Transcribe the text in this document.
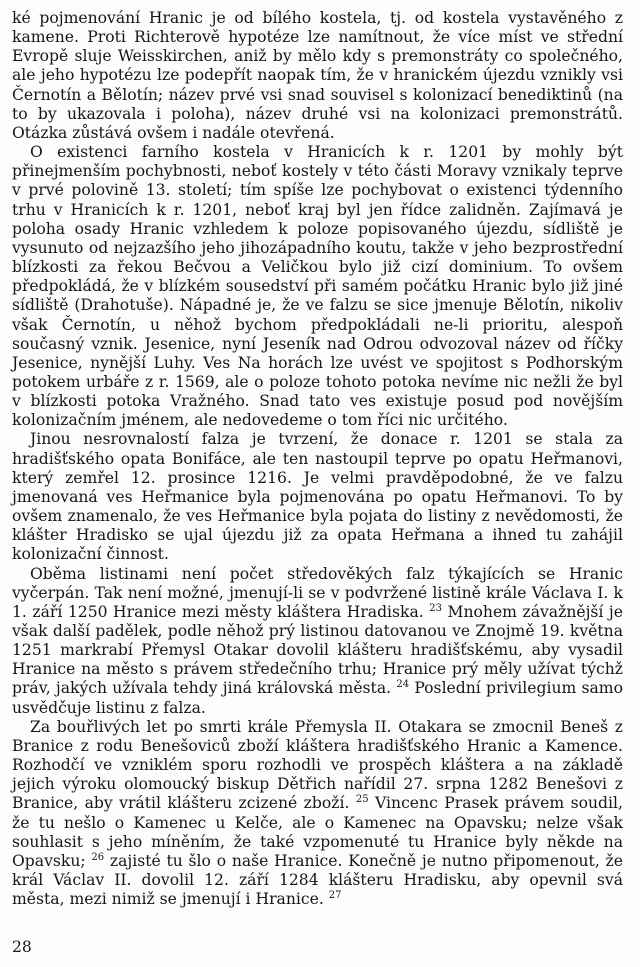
ké pojmenování Hranic je od bílého kostela, tj. od kostela vystavěného z kamene. Proti Richterově hypotéze lze namítnout, že více míst ve střední Evropě sluje Weisskirchen, aniž by mělo kdy s premonstráty co společného, ale jeho hypotézu lze podepřít naopak tím, že v hranickém újezdu vznikly vsi Černotín a Bělotín; název prvé vsi snad souvisel s kolonizací benediktinů (na to by ukazovala i poloha), název druhé vsi na kolonizaci premonstrátů. Otázka zůstává ovšem i nadále otevřená.

O existenci farního kostela v Hranicích k r. 1201 by mohly být přinejmenším pochybnosti, neboť kostely v této části Moravy vznikaly teprve v prvé polovině 13. století; tím spíše lze pochybovat o existenci týdenního trhu v Hranicích k r. 1201, neboť kraj byl jen řídce zalidněn. Zajímavá je poloha osady Hranic vzhledem k poloze popisovaného újezdu, sídliště je vysunuto od nejzazšího jeho jihozápadního koutu, takže v jeho bezprostřední blízkosti za řekou Bečvou a Veličkou bylo již cizí dominium. To ovšem předpokládá, že v blízkém sousedství při samém počátku Hranic bylo již jiné sídliště (Drahotuše). Nápadné je, že ve falzu se sice jmenuje Bělotín, nikoliv však Černotín, u něhož bychom předpokládali ne-li prioritu, alespoň současný vznik. Jesenice, nyní Jeseník nad Odrou odvozoval název od říčky Jesenice, nynější Luhy. Ves Na horách lze uvést ve spojitost s Podhorským potokem urbáře z r. 1569, ale o poloze tohoto potoka nevíme nic nežli že byl v blízkosti potoka Vražného. Snad tato ves existuje posud pod novějším kolonizačním jménem, ale nedovedeme o tom říci nic určitého.

Jinou nesrovnalostí falza je tvrzení, že donace r. 1201 se stala za hradišťského opata Bonifáce, ale ten nastoupil teprve po opatu Heřmanovi, který zemřel 12. prosince 1216. Je velmi pravděpodobné, že ve falzu jmenovaná ves Heřmanice byla pojmenována po opatu Heřmanovi. To by ovšem znamenalo, že ves Heřmanice byla pojata do listiny z nevědomosti, že klášter Hradisko se ujal újezdu již za opata Heřmana a ihned tu zahájil kolonizační činnost.

Oběma listinami není počet středověkých falz týkajících se Hranic vyčerpán. Tak není možné, jmenují-li se v podvržené listině krále Václava I. k 1. září 1250 Hranice mezi městy kláštera Hradiska. $^{23}$ Mnohem závažnější je však další padělek, podle něhož prý listinou datovanou ve Znojmě 19. května 1251 markrabí Přemysl Otakar dovolil klášteru hradišťskému, aby vysadil Hranice na město s právem středečního trhu; Hranice prý měly užívat týchž práv, jakých užívala tehdy jiná královská města. $^{24}$ Poslední privilegium samo usvědčuje listinu z falza.

Za bouřlivých let po smrti krále Přemysla II. Otakara se zmocnil Beneš z Branice z rodu Benešoviců zboží kláštera hradišťského Hranic a Kamence. Rozhodčí ve vzniklém sporu rozhodli ve prospěch kláštera a na základě jejich výroku olomoucký biskup Dětřich nařídil 27. srpna 1282 Benešovi z Branice, aby vrátil klášteru zcizené zboží. $^{25}$ Vincenc Prasek právem soudil, že tu nešlo o Kamenec u Kelče, ale o Kamenec na Opavsku; nelze však souhlasit s jeho míněním, že také vzpomenuté tu Hranice byly někde na Opavsku; $^{26}$ zajisté tu šlo o naše Hranice. Konečně je nutno připomenout, že král Václav II. dovolil 12. září 1284 klášteru Hradisku, aby opevnil svá města, mezi nimiž se jmenují i Hranice. $^{27}$

28
